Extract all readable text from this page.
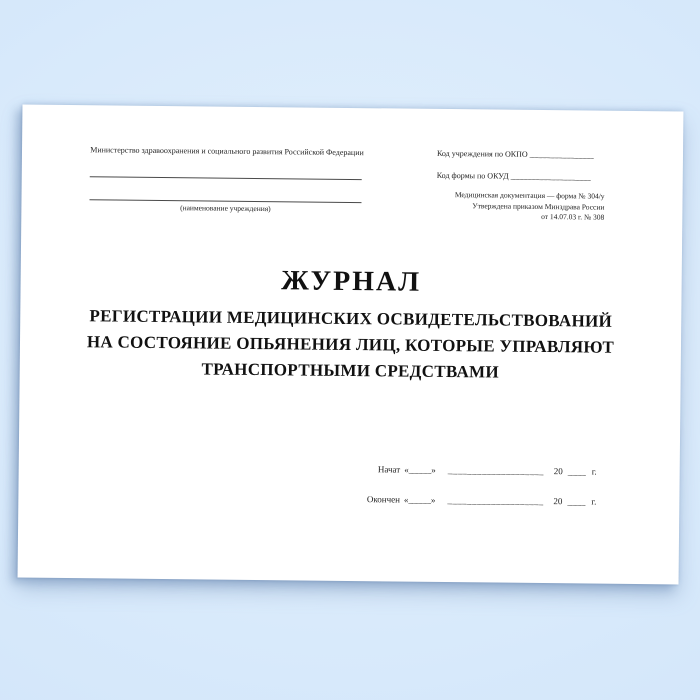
Министерство здравоохранения и социального развития Российской Федерации
(наименование учреждения)
Код учреждения по ОКПО ________________
Код формы по ОКУД ____________________
Медицинская документация — форма № 304/у
Утверждена приказом Минздрава России
от 14.07.03 г. № 308
ЖУРНАЛ
РЕГИСТРАЦИИ МЕДИЦИНСКИХ ОСВИДЕТЕЛЬСТВОВАНИЙ
НА СОСТОЯНИЕ ОПЬЯНЕНИЯ ЛИЦ, КОТОРЫЕ УПРАВЛЯЮТ
ТРАНСПОРТНЫМИ СРЕДСТВАМИ
Начат «_____» ____________________ 20 ____ г.
Окончен «_____» ____________________ 20 ____ г.
